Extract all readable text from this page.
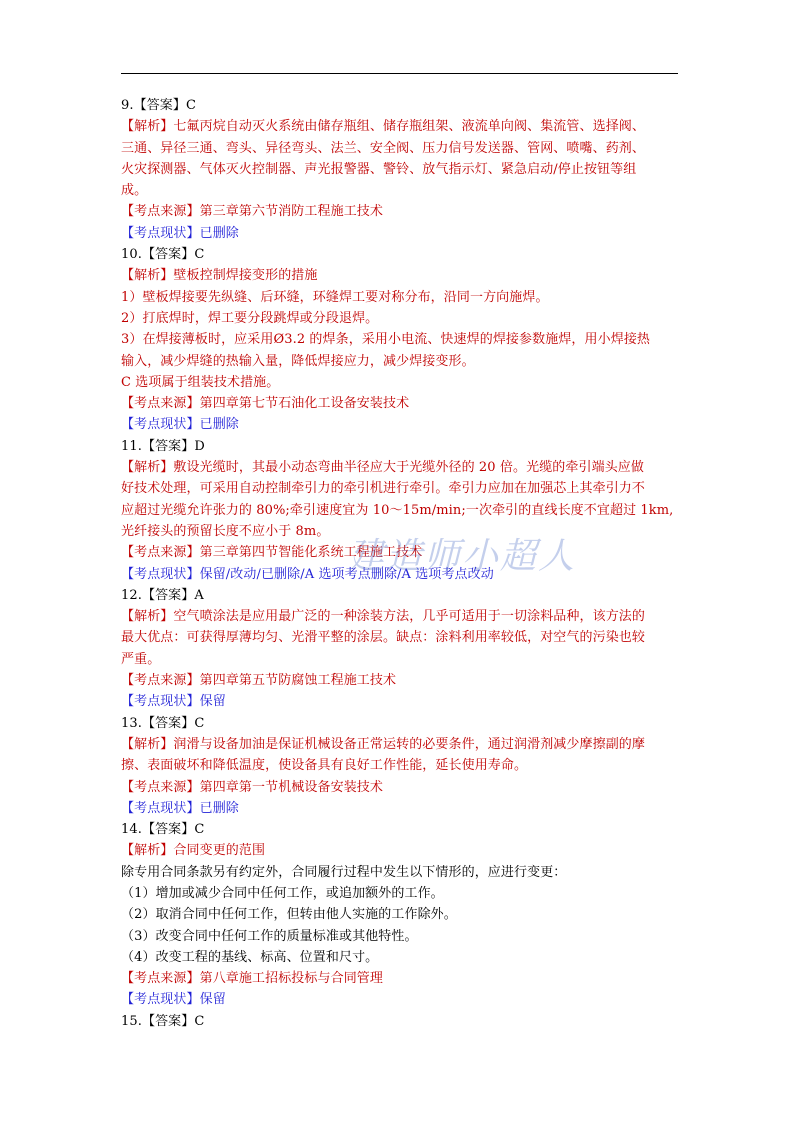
9.【答案】C
【解析】七氟丙烷自动灭火系统由储存瓶组、储存瓶组架、液流单向阀、集流管、选择阀、
三通、异径三通、弯头、异径弯头、法兰、安全阀、压力信号发送器、管网、喷嘴、药剂、
火灾探测器、气体灭火控制器、声光报警器、警铃、放气指示灯、紧急启动/停止按钮等组
成。
【考点来源】第三章第六节消防工程施工技术
【考点现状】已删除
10.【答案】C
【解析】壁板控制焊接变形的措施
1）壁板焊接要先纵缝、后环缝，环缝焊工要对称分布，沿同一方向施焊。
2）打底焊时，焊工要分段跳焊或分段退焊。
3）在焊接薄板时，应采用Ø3.2 的焊条，采用小电流、快速焊的焊接参数施焊，用小焊接热
输入，减少焊缝的热输入量，降低焊接应力，减少焊接变形。
C 选项属于组装技术措施。
【考点来源】第四章第七节石油化工设备安装技术
【考点现状】已删除
11.【答案】D
【解析】敷设光缆时，其最小动态弯曲半径应大于光缆外径的 20 倍。光缆的牵引端头应做
好技术处理，可采用自动控制牵引力的牵引机进行牵引。牵引力应加在加强芯上其牵引力不
应超过光缆允许张力的 80%;牵引速度宜为 10～15m/min;一次牵引的直线长度不宜超过 1km,
光纤接头的预留长度不应小于 8m。
【考点来源】第三章第四节智能化系统工程施工技术
【考点现状】保留/改动/已删除/A 选项考点删除/A 选项考点改动
12.【答案】A
【解析】空气喷涂法是应用最广泛的一种涂装方法，几乎可适用于一切涂料品种，该方法的
最大优点：可获得厚薄均匀、光滑平整的涂层。缺点：涂料利用率较低，对空气的污染也较
严重。
【考点来源】第四章第五节防腐蚀工程施工技术
【考点现状】保留
13.【答案】C
【解析】润滑与设备加油是保证机械设备正常运转的必要条件，通过润滑剂减少摩擦副的摩
擦、表面破坏和降低温度，使设备具有良好工作性能，延长使用寿命。
【考点来源】第四章第一节机械设备安装技术
【考点现状】已删除
14.【答案】C
【解析】合同变更的范围
除专用合同条款另有约定外，合同履行过程中发生以下情形的，应进行变更：
（1）增加或减少合同中任何工作，或追加额外的工作。
（2）取消合同中任何工作，但转由他人实施的工作除外。
（3）改变合同中任何工作的质量标准或其他特性。
（4）改变工程的基线、标高、位置和尺寸。
【考点来源】第八章施工招标投标与合同管理
【考点现状】保留
15.【答案】C
建造师小超人
